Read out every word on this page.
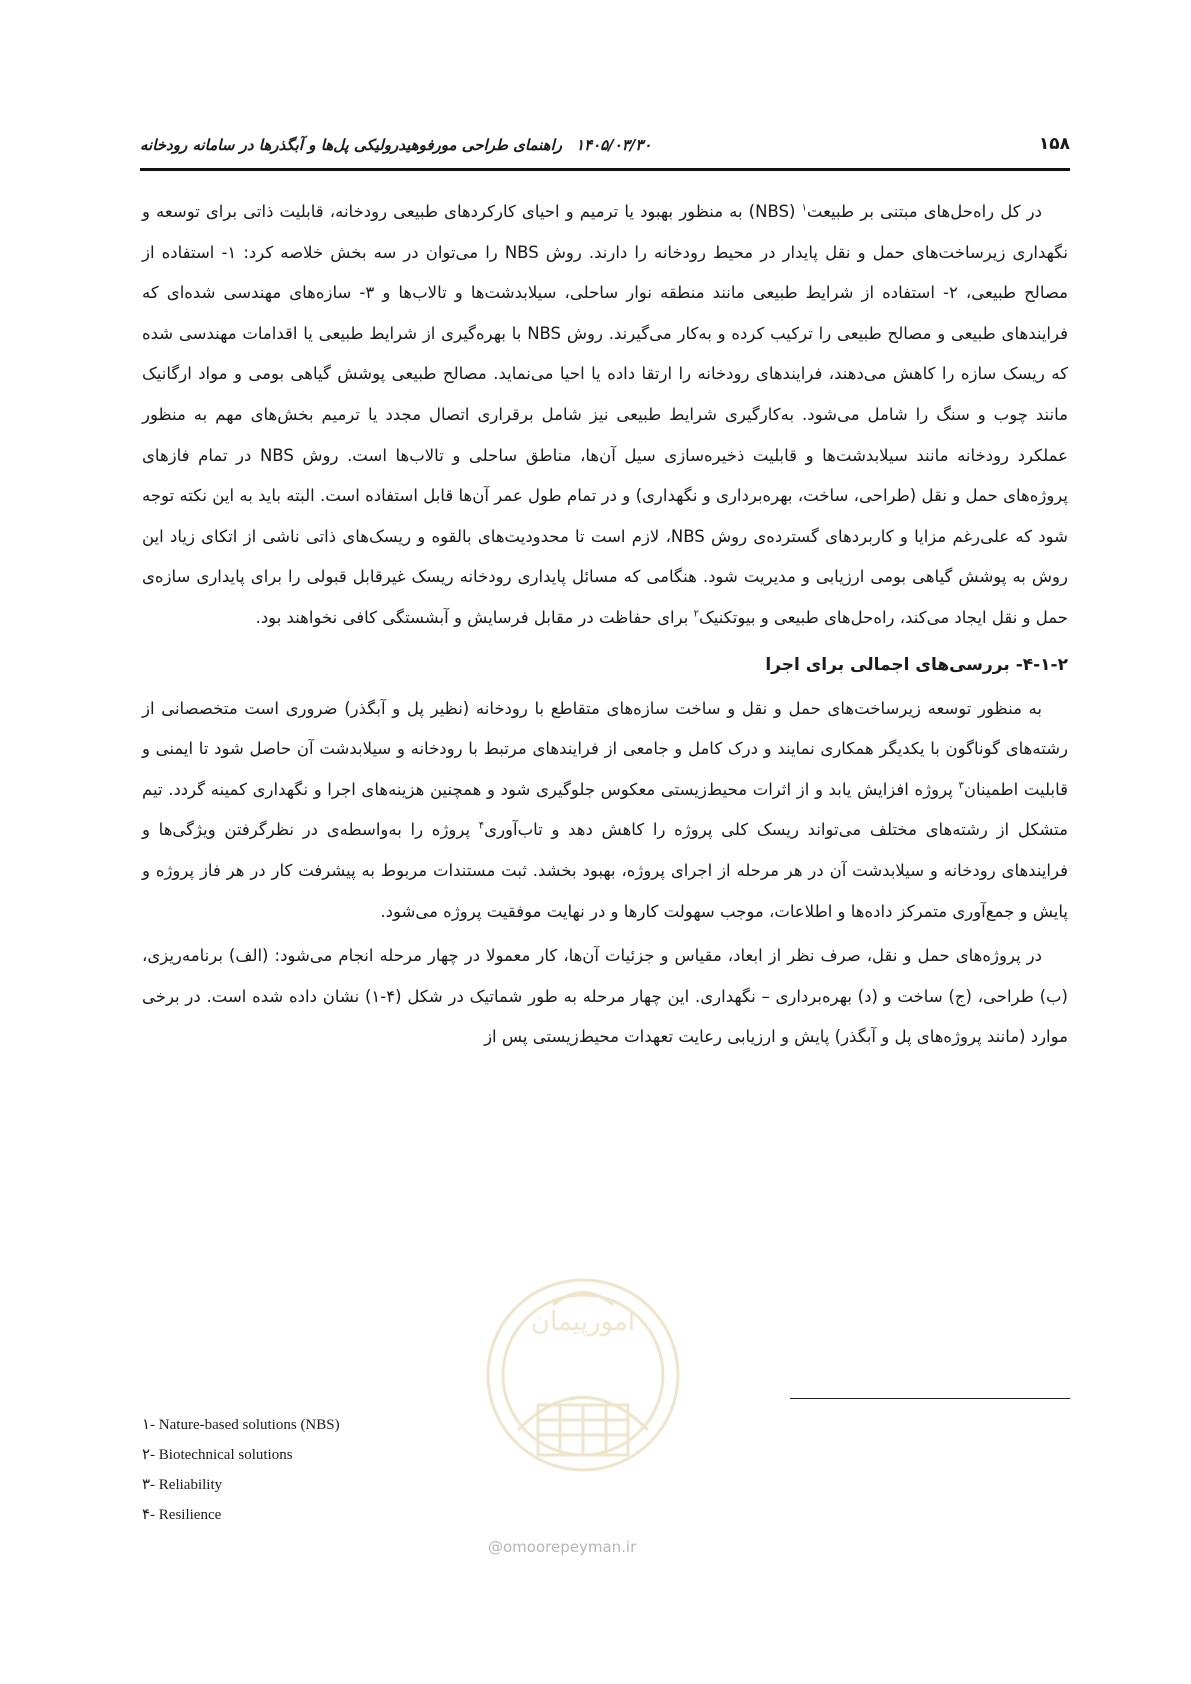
۱۵۸
۱۴۰۵/۰۳/۳۰راهنمای طراحی مورفوهیدرولیکی پل‌ها و آبگذرها در سامانه رودخانه

در کل راه‌حل‌های مبتنی بر طبیعت$^۱$ (NBS) به منظور بهبود یا ترمیم و احیای کارکردهای طبیعی رودخانه، قابلیت ذاتی برای توسعه و نگهداری زیرساخت‌های حمل و نقل پایدار در محیط رودخانه را دارند. روش NBS را می‌توان در سه بخش خلاصه کرد: ۱- استفاده از مصالح طبیعی، ۲- استفاده از شرایط طبیعی مانند منطقه نوار ساحلی، سیلابدشت‌ها و تالاب‌ها و ۳- سازه‌های مهندسی شده‌ای که فرایندهای طبیعی و مصالح طبیعی را ترکیب کرده و به‌کار می‌گیرند. روش NBS با بهره‌گیری از شرایط طبیعی یا اقدامات مهندسی شده که ریسک سازه را کاهش می‌دهند، فرایندهای رودخانه را ارتقا داده یا احیا می‌نماید. مصالح طبیعی پوشش گیاهی بومی و مواد ارگانیک مانند چوب و سنگ را شامل می‌شود. به‌کارگیری شرایط طبیعی نیز شامل برقراری اتصال مجدد یا ترمیم بخش‌های مهم به منظور عملکرد رودخانه مانند سیلابدشت‌ها و قابلیت ذخیره‌سازی سیل آن‌ها، مناطق ساحلی و تالاب‌ها است. روش NBS در تمام فازهای پروژه‌های حمل و نقل (طراحی، ساخت، بهره‌برداری و نگهداری) و در تمام طول عمر آن‌ها قابل استفاده است. البته باید به این نکته توجه شود که علی‌رغم مزایا و کاربردهای گسترده‌ی روش NBS، لازم است تا محدودیت‌های بالقوه و ریسک‌های ذاتی ناشی از اتکای زیاد این روش به پوشش گیاهی بومی ارزیابی و مدیریت شود. هنگامی که مسائل پایداری رودخانه ریسک غیرقابل قبولی را برای پایداری سازه‌ی حمل و نقل ایجاد می‌کند، راه‌حل‌های طبیعی و بیوتکنیک$^۲$ برای حفاظت در مقابل فرسایش و آبشستگی کافی نخواهند بود.

۴-۱-۲- بررسی‌های اجمالی برای اجرا

به منظور توسعه زیرساخت‌های حمل و نقل و ساخت سازه‌های متقاطع با رودخانه (نظیر پل و آبگذر) ضروری است متخصصانی از رشته‌های گوناگون با یکدیگر همکاری نمایند و درک کامل و جامعی از فرایندهای مرتبط با رودخانه و سیلابدشت آن حاصل شود تا ایمنی و قابلیت اطمینان$^۳$ پروژه افزایش یابد و از اثرات محیط‌زیستی معکوس جلوگیری شود و همچنین هزینه‌های اجرا و نگهداری کمینه گردد. تیم متشکل از رشته‌های مختلف می‌تواند ریسک کلی پروژه را کاهش دهد و تاب‌آوری$^۴$ پروژه را به‌واسطه‌ی در نظرگرفتن ویژگی‌ها و فرایندهای رودخانه و سیلابدشت آن در هر مرحله از اجرای پروژه، بهبود بخشد. ثبت مستندات مربوط به پیشرفت کار در هر فاز پروژه و پایش و جمع‌آوری متمرکز داده‌ها و اطلاعات، موجب سهولت کارها و در نهایت موفقیت پروژه می‌شود.

در پروژه‌های حمل و نقل، صرف نظر از ابعاد، مقیاس و جزئیات آن‌ها، کار معمولا در چهار مرحله انجام می‌شود: (الف) برنامه‌ریزی، (ب) طراحی، (ج) ساخت و (د) بهره‌برداری – نگهداری. این چهار مرحله به طور شماتیک در شکل (۴-۱) نشان داده شده است. در برخی موارد (مانند پروژه‌های پل و آبگذر) پایش و ارزیابی رعایت تعهدات محیط‌زیستی پس از

۱- Nature-based solutions (NBS)
۲- Biotechnical solutions
۳- Reliability
۴- Resilience
امورپیمان
@omoorepeyman.ir
